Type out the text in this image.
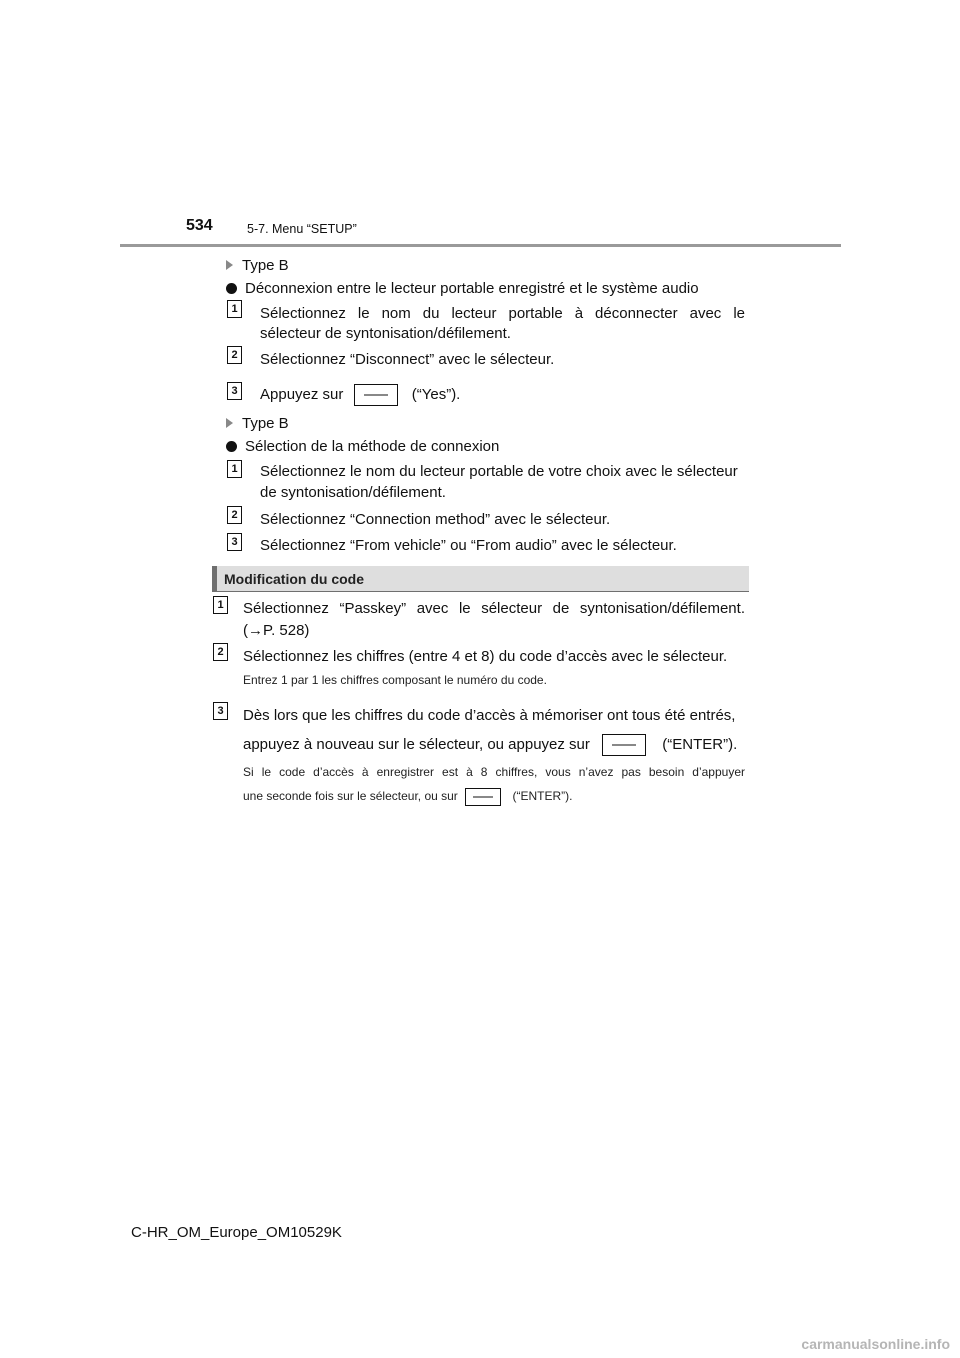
534	5-7. Menu “SETUP”
Type B
Déconnexion entre le lecteur portable enregistré et le système audio
1 Sélectionnez le nom du lecteur portable à déconnecter avec le
sélecteur de syntonisation/défilement.
2 Sélectionnez “Disconnect” avec le sélecteur.
3 Appuyez sur	(“Yes”).
Type B
Sélection de la méthode de connexion
1 Sélectionnez le nom du lecteur portable de votre choix avec le sélecteur
de syntonisation/défilement.
2 Sélectionnez “Connection method” avec le sélecteur.
3 Sélectionnez “From vehicle” ou “From audio” avec le sélecteur.
Modification du code
1 Sélectionnez “Passkey” avec le sélecteur de syntonisation/défilement.
(→P. 528)
2 Sélectionnez les chiffres (entre 4 et 8) du code d’accès avec le sélecteur.
Entrez 1 par 1 les chiffres composant le numéro du code.
3 Dès lors que les chiffres du code d’accès à mémoriser ont tous été entrés,
appuyez à nouveau sur le sélecteur, ou appuyez sur	(“ENTER”).
Si le code d’accès à enregistrer est à 8 chiffres, vous n’avez pas besoin d’appuyer
une seconde fois sur le sélecteur, ou sur	(“ENTER”).
C-HR_OM_Europe_OM10529K
carmanualsonline.info
